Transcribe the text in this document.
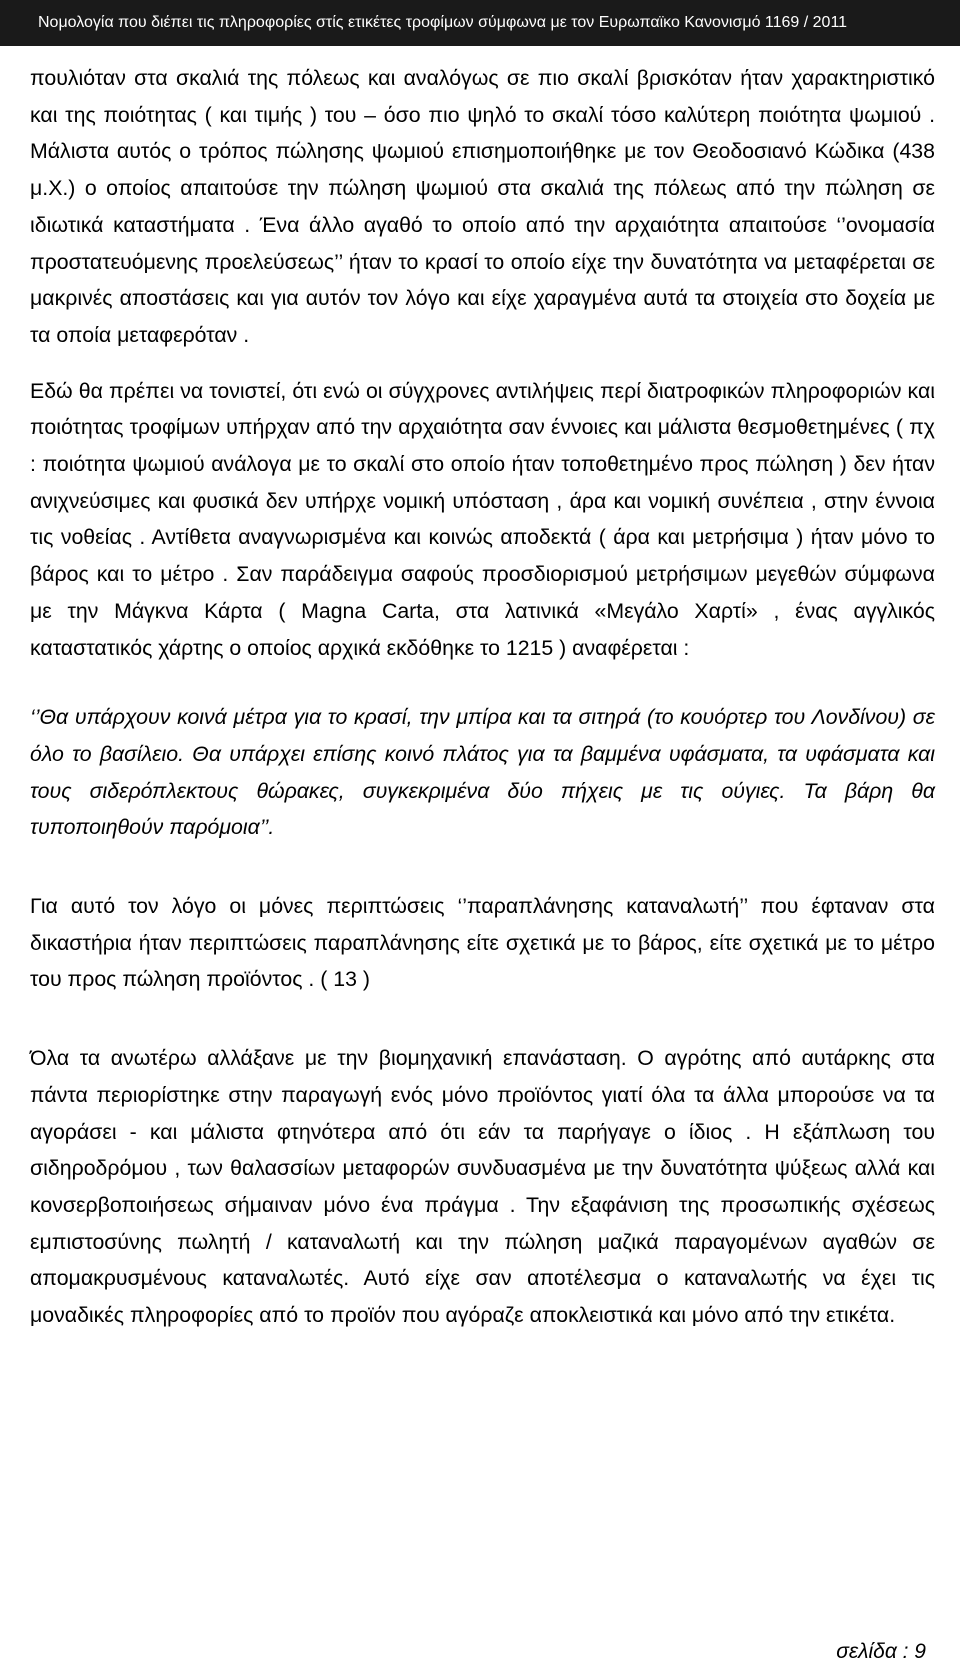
Νομολογία που διέπει τις πληροφορίες στίς ετικέτες τροφίμων σύμφωνα με τον Ευρωπαϊκο Κανονισμό 1169 / 2011

πουλιόταν στα σκαλιά της πόλεως και αναλόγως σε πιο σκαλί βρισκόταν ήταν χαρακτηριστικό και της ποιότητας ( και τιμής ) του – όσο πιο ψηλό το σκαλί τόσο καλύτερη ποιότητα ψωμιού . Μάλιστα αυτός ο τρόπος πώλησης ψωμιού επισημοποιήθηκε με τον Θεοδοσιανό Κώδικα (438 μ.Χ.) ο οποίος απαιτούσε την πώληση ψωμιού στα σκαλιά της πόλεως από την πώληση σε ιδιωτικά καταστήματα . Ένα άλλο αγαθό το οποίο από την αρχαιότητα απαιτούσε ‘’ονομασία προστατευόμενης προελεύσεως’’ ήταν το κρασί το οποίο είχε την δυνατότητα να μεταφέρεται σε μακρινές αποστάσεις και για αυτόν τον λόγο και είχε χαραγμένα αυτά τα στοιχεία στο δοχεία με τα οποία μεταφερόταν .

Εδώ θα πρέπει να τονιστεί, ότι ενώ οι σύγχρονες αντιλήψεις περί διατροφικών πληροφοριών και ποιότητας τροφίμων υπήρχαν από την αρχαιότητα σαν έννοιες και μάλιστα θεσμοθετημένες ( πχ : ποιότητα ψωμιού ανάλογα με το σκαλί στο οποίο ήταν τοποθετημένο προς πώληση ) δεν ήταν ανιχνεύσιμες και φυσικά δεν υπήρχε νομική υπόσταση , άρα και νομική συνέπεια , στην έννοια τις νοθείας . Αντίθετα αναγνωρισμένα και κοινώς αποδεκτά ( άρα και μετρήσιμα ) ήταν μόνο το βάρος και το μέτρο . Σαν παράδειγμα σαφούς προσδιορισμού μετρήσιμων μεγεθών σύμφωνα με την Μάγκνα Κάρτα ( Magna Carta, στα λατινικά «Μεγάλο Χαρτί» , ένας αγγλικός καταστατικός χάρτης ο οποίος αρχικά εκδόθηκε το 1215 ) αναφέρεται :

‘’Θα υπάρχουν κοινά μέτρα για το κρασί, την μπίρα και τα σιτηρά (το κουόρτερ του Λονδίνου) σε όλο το βασίλειο. Θα υπάρχει επίσης κοινό πλάτος για τα βαμμένα υφάσματα, τα υφάσματα και τους σιδερόπλεκτους θώρακες, συγκεκριμένα δύο πήχεις με τις ούγιες. Τα βάρη θα τυποποιηθούν παρόμοια’’.

Για αυτό τον λόγο οι μόνες περιπτώσεις ‘’παραπλάνησης καταναλωτή’’ που έφταναν στα δικαστήρια ήταν περιπτώσεις παραπλάνησης είτε σχετικά με το βάρος, είτε σχετικά με το μέτρο του προς πώληση προϊόντος . ( 13 )

Όλα τα ανωτέρω αλλάξανε με την βιομηχανική επανάσταση. Ο αγρότης από αυτάρκης στα πάντα περιορίστηκε στην παραγωγή ενός μόνο προϊόντος γιατί όλα τα άλλα μπορούσε να τα αγοράσει - και μάλιστα φτηνότερα από ότι εάν τα παρήγαγε ο ίδιος . Η εξάπλωση του σιδηροδρόμου , των θαλασσίων μεταφορών συνδυασμένα με την δυνατότητα ψύξεως αλλά και κονσερβοποιήσεως σήμαιναν μόνο ένα πράγμα . Την εξαφάνιση της προσωπικής σχέσεως εμπιστοσύνης πωλητή / καταναλωτή και την πώληση μαζικά παραγομένων αγαθών σε απομακρυσμένους καταναλωτές. Αυτό είχε σαν αποτέλεσμα ο καταναλωτής να έχει τις μοναδικές πληροφορίες από το προϊόν που αγόραζε αποκλειστικά και μόνο από την ετικέτα.

σελίδα : 9
